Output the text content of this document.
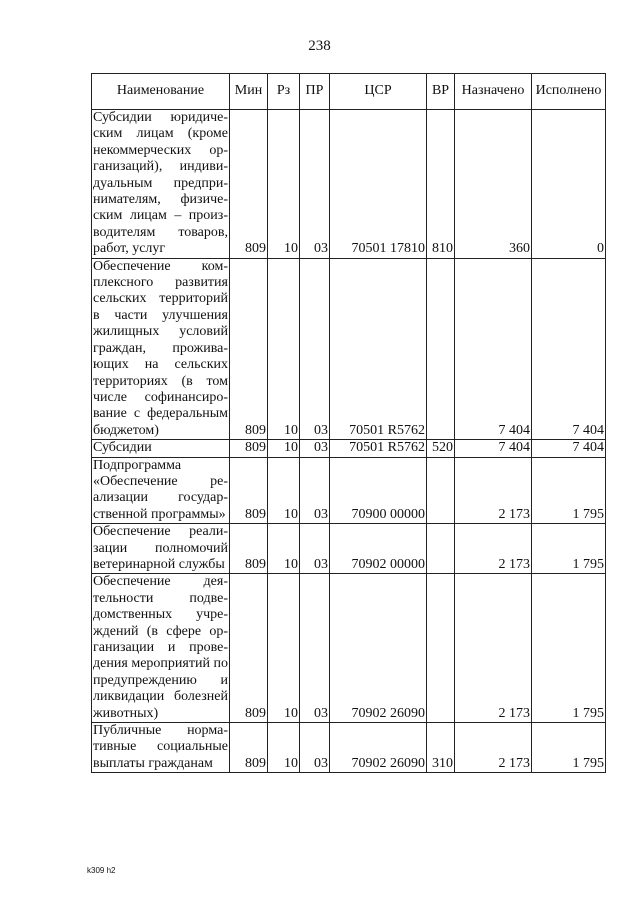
238
Наименование	Мин	Рз	ПР	ЦСР	ВР	Назначено	Исполнено
Субсидии юридическим лицам (кроме некоммерческих организаций), индивидуальным предпринимателям, физическим лицам – производителям товаров, работ, услуг	809	10	03	70501 17810	810	360	0
Обеспечение комплексного развития сельских территорий в части улучшения жилищных условий граждан, проживающих на сельских территориях (в том числе софинансирование с федеральным бюджетом)	809	10	03	70501 R5762		7 404	7 404
Субсидии	809	10	03	70501 R5762	520	7 404	7 404
Подпрограмма «Обеспечение реализации государственной программы»	809	10	03	70900 00000		2 173	1 795
Обеспечение реализации полномочий ветеринарной службы	809	10	03	70902 00000		2 173	1 795
Обеспечение деятельности подведомственных учреждений (в сфере организации и проведения мероприятий по предупреждению и ликвидации болезней животных)	809	10	03	70902 26090		2 173	1 795
Публичные нормативные социальные выплаты гражданам	809	10	03	70902 26090	310	2 173	1 795
k309 h2
